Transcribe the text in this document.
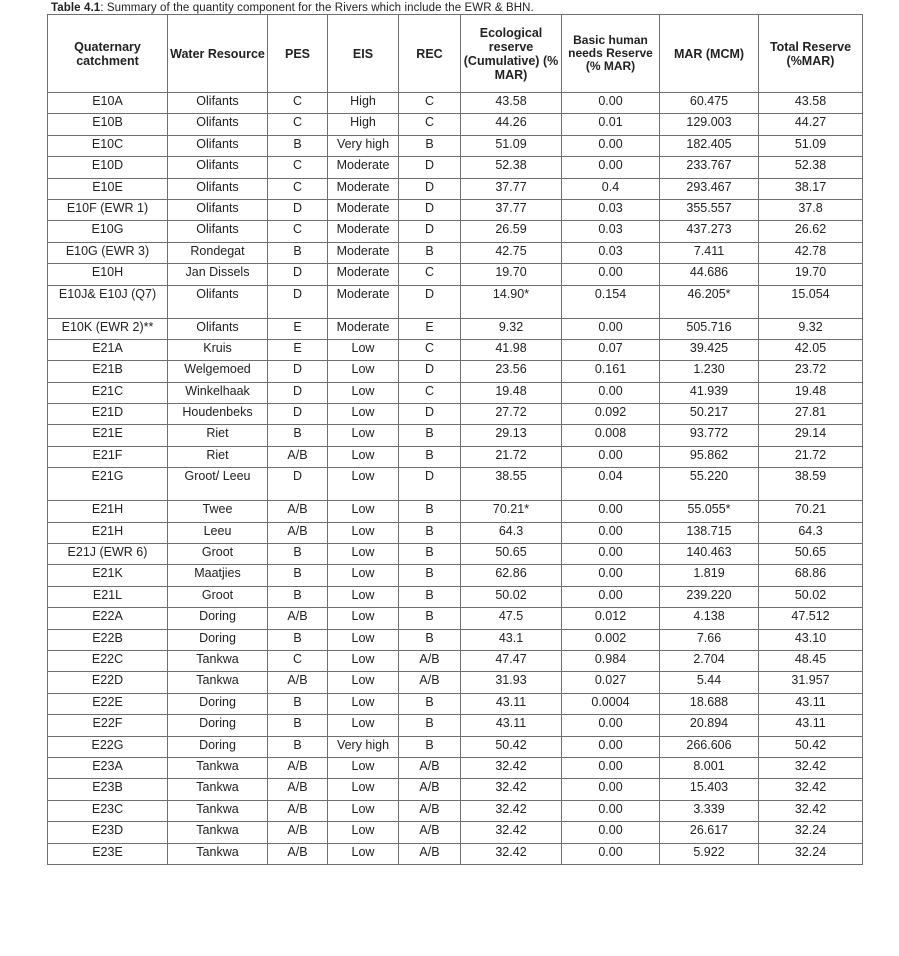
Table 4.1: Summary of the quantity component for the Rivers which include the EWR & BHN.
Quaternary catchment	Water Resource	PES	EIS	REC	Ecological reserve (Cumulative) (% MAR)	Basic human needs Reserve (% MAR)	MAR (MCM)	Total Reserve (%MAR)
E10A	Olifants	C	High	C	43.58	0.00	60.475	43.58
E10B	Olifants	C	High	C	44.26	0.01	129.003	44.27
E10C	Olifants	B	Very high	B	51.09	0.00	182.405	51.09
E10D	Olifants	C	Moderate	D	52.38	0.00	233.767	52.38
E10E	Olifants	C	Moderate	D	37.77	0.4	293.467	38.17
E10F (EWR 1)	Olifants	D	Moderate	D	37.77	0.03	355.557	37.8
E10G	Olifants	C	Moderate	D	26.59	0.03	437.273	26.62
E10G (EWR 3)	Rondegat	B	Moderate	B	42.75	0.03	7.411	42.78
E10H	Jan Dissels	D	Moderate	C	19.70	0.00	44.686	19.70
E10J& E10J (Q7)	Olifants	D	Moderate	D	14.90*	0.154	46.205*	15.054
E10K (EWR 2)**	Olifants	E	Moderate	E	9.32	0.00	505.716	9.32
E21A	Kruis	E	Low	C	41.98	0.07	39.425	42.05
E21B	Welgemoed	D	Low	D	23.56	0.161	1.230	23.72
E21C	Winkelhaak	D	Low	C	19.48	0.00	41.939	19.48
E21D	Houdenbeks	D	Low	D	27.72	0.092	50.217	27.81
E21E	Riet	B	Low	B	29.13	0.008	93.772	29.14
E21F	Riet	A/B	Low	B	21.72	0.00	95.862	21.72
E21G	Groot/ Leeu	D	Low	D	38.55	0.04	55.220	38.59
E21H	Twee	A/B	Low	B	70.21*	0.00	55.055*	70.21
E21H	Leeu	A/B	Low	B	64.3	0.00	138.715	64.3
E21J (EWR 6)	Groot	B	Low	B	50.65	0.00	140.463	50.65
E21K	Maatjies	B	Low	B	62.86	0.00	1.819	68.86
E21L	Groot	B	Low	B	50.02	0.00	239.220	50.02
E22A	Doring	A/B	Low	B	47.5	0.012	4.138	47.512
E22B	Doring	B	Low	B	43.1	0.002	7.66	43.10
E22C	Tankwa	C	Low	A/B	47.47	0.984	2.704	48.45
E22D	Tankwa	A/B	Low	A/B	31.93	0.027	5.44	31.957
E22E	Doring	B	Low	B	43.11	0.0004	18.688	43.11
E22F	Doring	B	Low	B	43.11	0.00	20.894	43.11
E22G	Doring	B	Very high	B	50.42	0.00	266.606	50.42
E23A	Tankwa	A/B	Low	A/B	32.42	0.00	8.001	32.42
E23B	Tankwa	A/B	Low	A/B	32.42	0.00	15.403	32.42
E23C	Tankwa	A/B	Low	A/B	32.42	0.00	3.339	32.42
E23D	Tankwa	A/B	Low	A/B	32.42	0.00	26.617	32.24
E23E	Tankwa	A/B	Low	A/B	32.42	0.00	5.922	32.24
